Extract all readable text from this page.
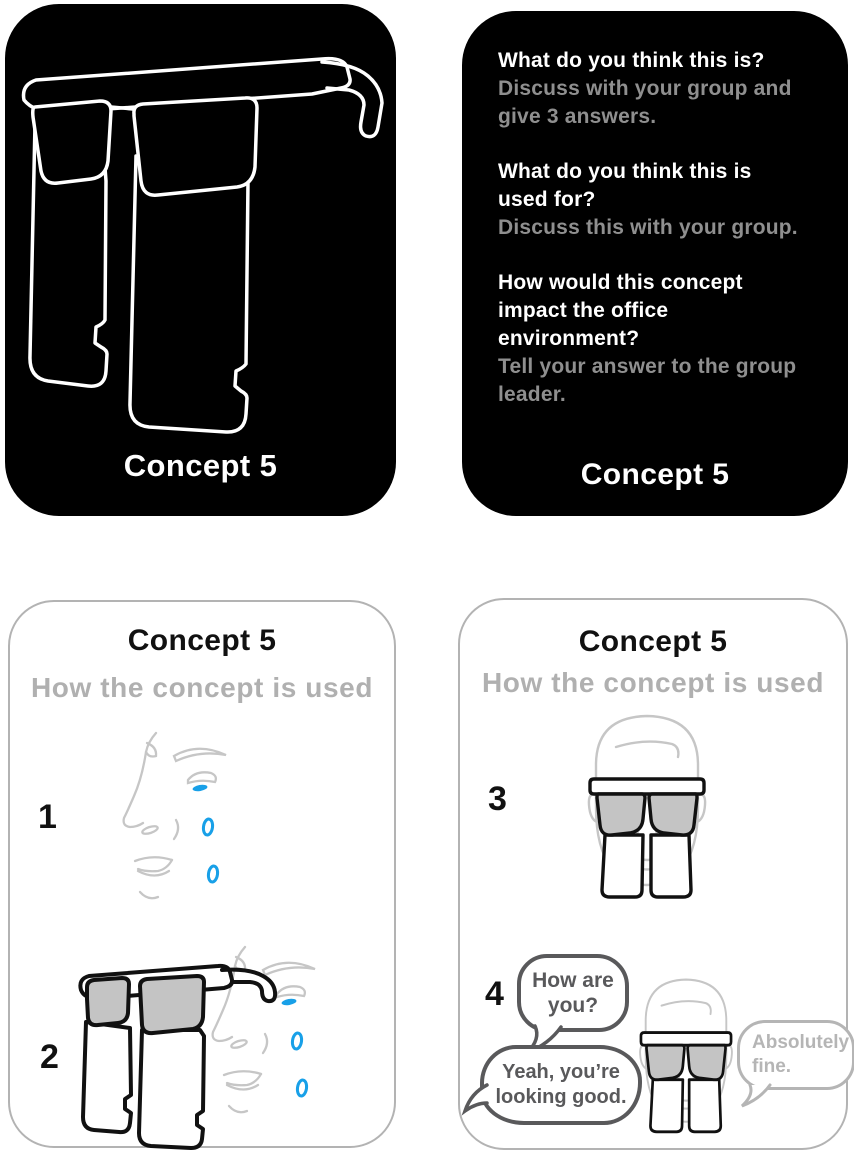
Concept 5

What do you think this is?

Discuss with your group and give 3 answers.

What do you think this is used for?

Discuss this with your group.

How would this concept impact the office environment?

Tell your answer to the group leader.

Concept 5
Concept 5
How the concept is used
1
2
Concept 5
How the concept is used
3
4 How are
you?
Yeah, you’re
looking good.
Absolutely
fine.
